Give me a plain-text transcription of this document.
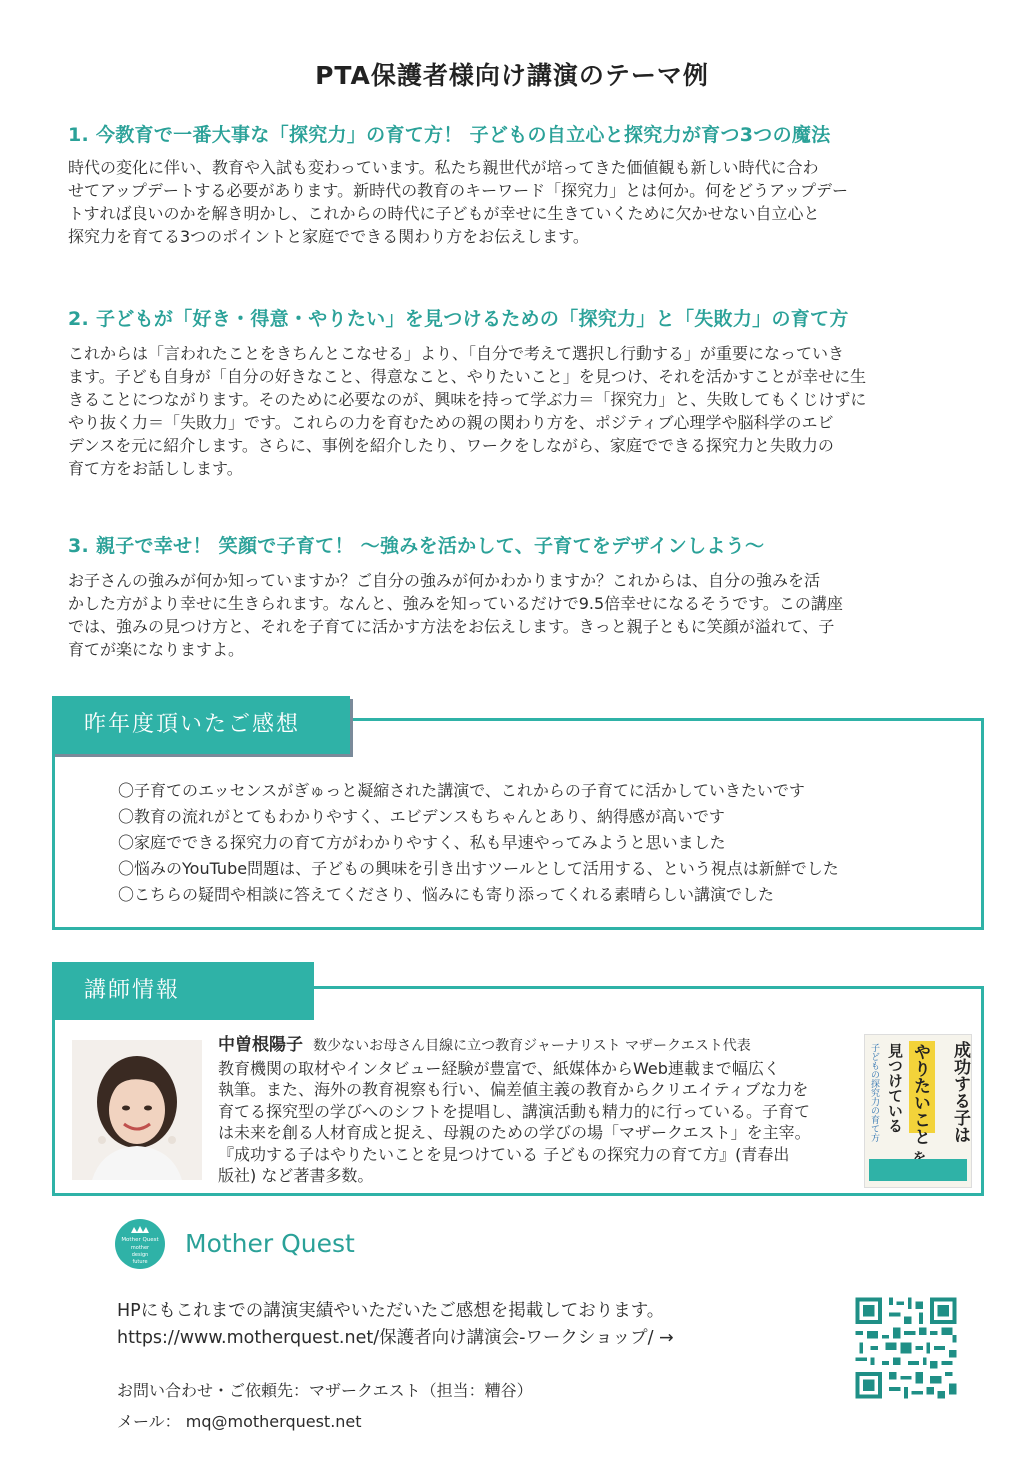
PTA保護者様向け講演のテーマ例
1. 今教育で一番大事な「探究力」の育て方！ 子どもの自立心と探究力が育つ3つの魔法
時代の変化に伴い、教育や入試も変わっています。私たち親世代が培ってきた価値観も新しい時代に合わ
せてアップデートする必要があります。新時代の教育のキーワード「探究力」とは何か。何をどうアップデー
トすれば良いのかを解き明かし、これからの時代に子どもが幸せに生きていくために欠かせない自立心と
探究力を育てる3つのポイントと家庭でできる関わり方をお伝えします。
2. 子どもが「好き・得意・やりたい」を見つけるための「探究力」と「失敗力」の育て方
これからは「言われたことをきちんとこなせる」より、「自分で考えて選択し行動する」が重要になっていき
ます。子ども自身が「自分の好きなこと、得意なこと、やりたいこと」を見つけ、それを活かすことが幸せに生
きることにつながります。そのために必要なのが、興味を持って学ぶ力＝「探究力」と、失敗してもくじけずに
やり抜く力＝「失敗力」です。これらの力を育むための親の関わり方を、ポジティブ心理学や脳科学のエビ
デンスを元に紹介します。さらに、事例を紹介したり、ワークをしながら、家庭でできる探究力と失敗力の
育て方をお話しします。
3. 親子で幸せ！ 笑顔で子育て！ 〜強みを活かして、子育てをデザインしよう〜
お子さんの強みが何か知っていますか？ご自分の強みが何かわかりますか？これからは、自分の強みを活
かした方がより幸せに生きられます。なんと、強みを知っているだけで9.5倍幸せになるそうです。この講座
では、強みの見つけ方と、それを子育てに活かす方法をお伝えします。きっと親子ともに笑顔が溢れて、子
育てが楽になりますよ。
昨年度頂いたご感想
〇子育てのエッセンスがぎゅっと凝縮された講演で、これからの子育てに活かしていきたいです
〇教育の流れがとてもわかりやすく、エビデンスもちゃんとあり、納得感が高いです
〇家庭でできる探究力の育て方がわかりやすく、私も早速やってみようと思いました
〇悩みのYouTube問題は、子どもの興味を引き出すツールとして活用する、という視点は新鮮でした
〇こちらの疑問や相談に答えてくださり、悩みにも寄り添ってくれる素晴らしい講演でした
講師情報
中曽根陽子 数少ないお母さん目線に立つ教育ジャーナリスト マザークエスト代表
教育機関の取材やインタビュー経験が豊富で、紙媒体からWeb連載まで幅広く
執筆。また、海外の教育視察も行い、偏差値主義の教育からクリエイティブな力を
育てる探究型の学びへのシフトを提唱し、講演活動も精力的に行っている。子育て
は未来を創る人材育成と捉え、母親のための学びの場「マザークエスト」を主宰。
『成功する子はやりたいことを見つけている 子どもの探究力の育て方』(青春出
版社) など著書多数。
成功する子は
やりたいこと
見つけている
子どもの探究力の育て方
Mother Quest
mother
design
future
Mother Quest
HPにもこれまでの講演実績やいただいたご感想を掲載しております。
https://www.motherquest.net/保護者向け講演会-ワークショップ/ →
お問い合わせ・ご依頼先：マザークエスト（担当：糟谷）
メール： mq@motherquest.net
